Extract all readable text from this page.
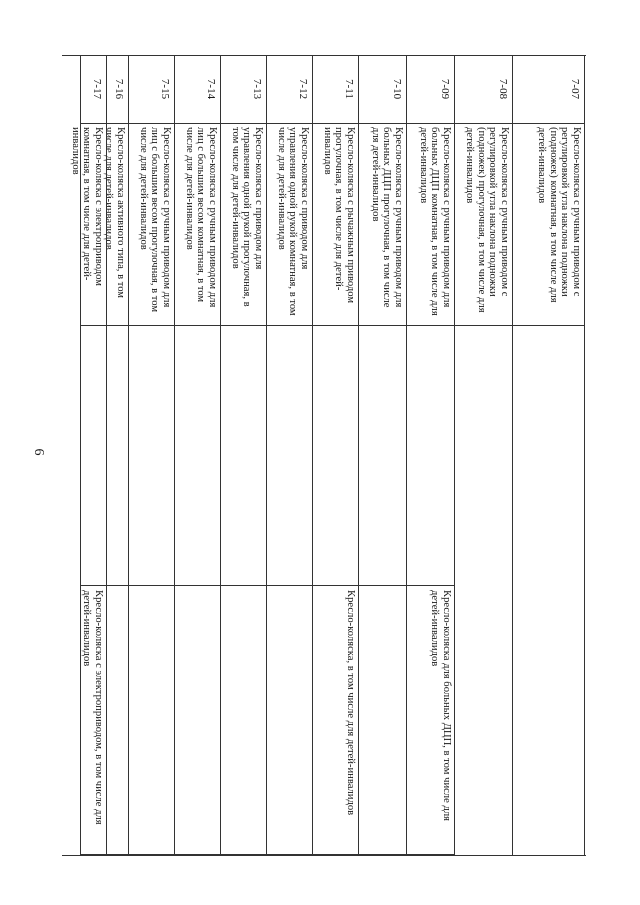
6
7-07
Кресло-коляска с ручным приводом с регулировкой угла наклона подножки (подножек) комнатная, в том числе для детей-инвалидов
7-08
Кресло-коляска с ручным приводом с регулировкой угла наклона подножки (подножек) прогулочная, в том числе для детей-инвалидов
7-09
Кресло-коляска с ручным приводом для больных ДЦП комнатная, в том числе для детей-инвалидов
7-10
Кресло-коляска с ручным приводом для больных ДЦП прогулочная, в том числе для детей-инвалидов
7-11
Кресло-коляска с рычажным приводом прогулочная, в том числе для детей-инвалидов
7-12
Кресло-коляска с приводом для управления одной рукой комнатная, в том числе для детей-инвалидов
7-13
Кресло-коляска с приводом для управления одной рукой прогулочная, в том числе для детей-инвалидов
7-14
Кресло-коляска с ручным приводом для лиц с большим весом комнатная, в том числе для детей-инвалидов
7-15
Кресло-коляска с ручным приводом для лиц с большим весом прогулочная, в том числе для детей-инвалидов
7-16
Кресло-коляска активного типа, в том числе для детей-инвалидов
7-17
Кресло-коляска с электроприводом комнатная, в том числе для детей-инвалидов
Кресло-коляска для больных ДЦП, в том числе для детей-инвалидов
Кресло-коляска, в том числе для детей-инвалидов
Кресло-коляска с электроприводом, в том числе для детей-инвалидов
